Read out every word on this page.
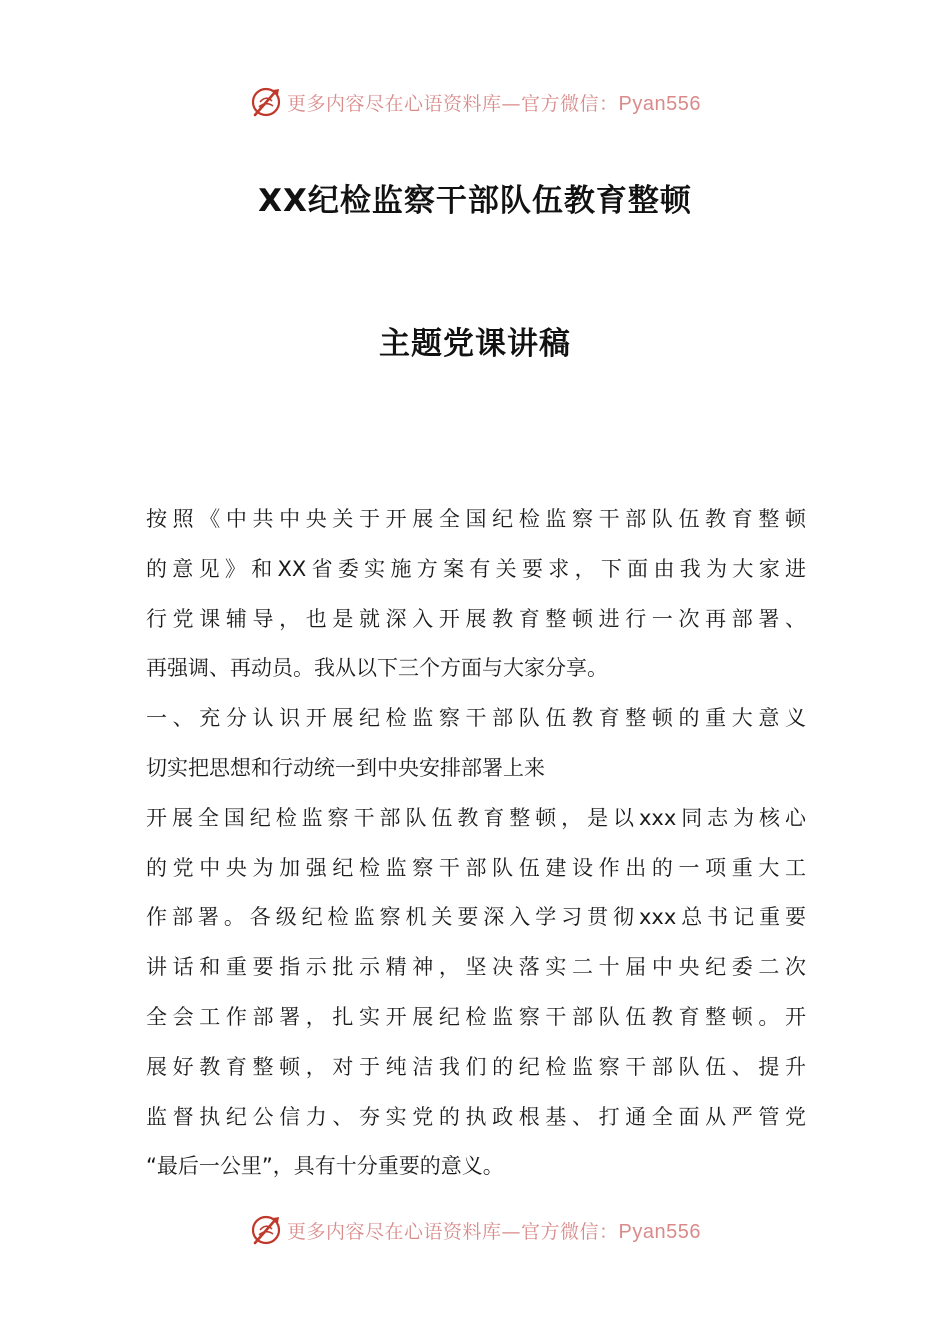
更多内容尽在心语资料库—官方微信：Pyan556
XX纪检监察干部队伍教育整顿
主题党课讲稿
按照《中共中央关于开展全国纪检监察干部队伍教育整顿
的意见》和XX省委实施方案有关要求，下面由我为大家进
行党课辅导，也是就深入开展教育整顿进行一次再部署、
再强调、再动员。我从以下三个方面与大家分享。
一、充分认识开展纪检监察干部队伍教育整顿的重大意义
切实把思想和行动统一到中央安排部署上来
开展全国纪检监察干部队伍教育整顿，是以xxx同志为核心
的党中央为加强纪检监察干部队伍建设作出的一项重大工
作部署。各级纪检监察机关要深入学习贯彻xxx总书记重要
讲话和重要指示批示精神，坚决落实二十届中央纪委二次
全会工作部署，扎实开展纪检监察干部队伍教育整顿。开
展好教育整顿，对于纯洁我们的纪检监察干部队伍、提升
监督执纪公信力、夯实党的执政根基、打通全面从严管党
“最后一公里”，具有十分重要的意义。
更多内容尽在心语资料库—官方微信：Pyan556
